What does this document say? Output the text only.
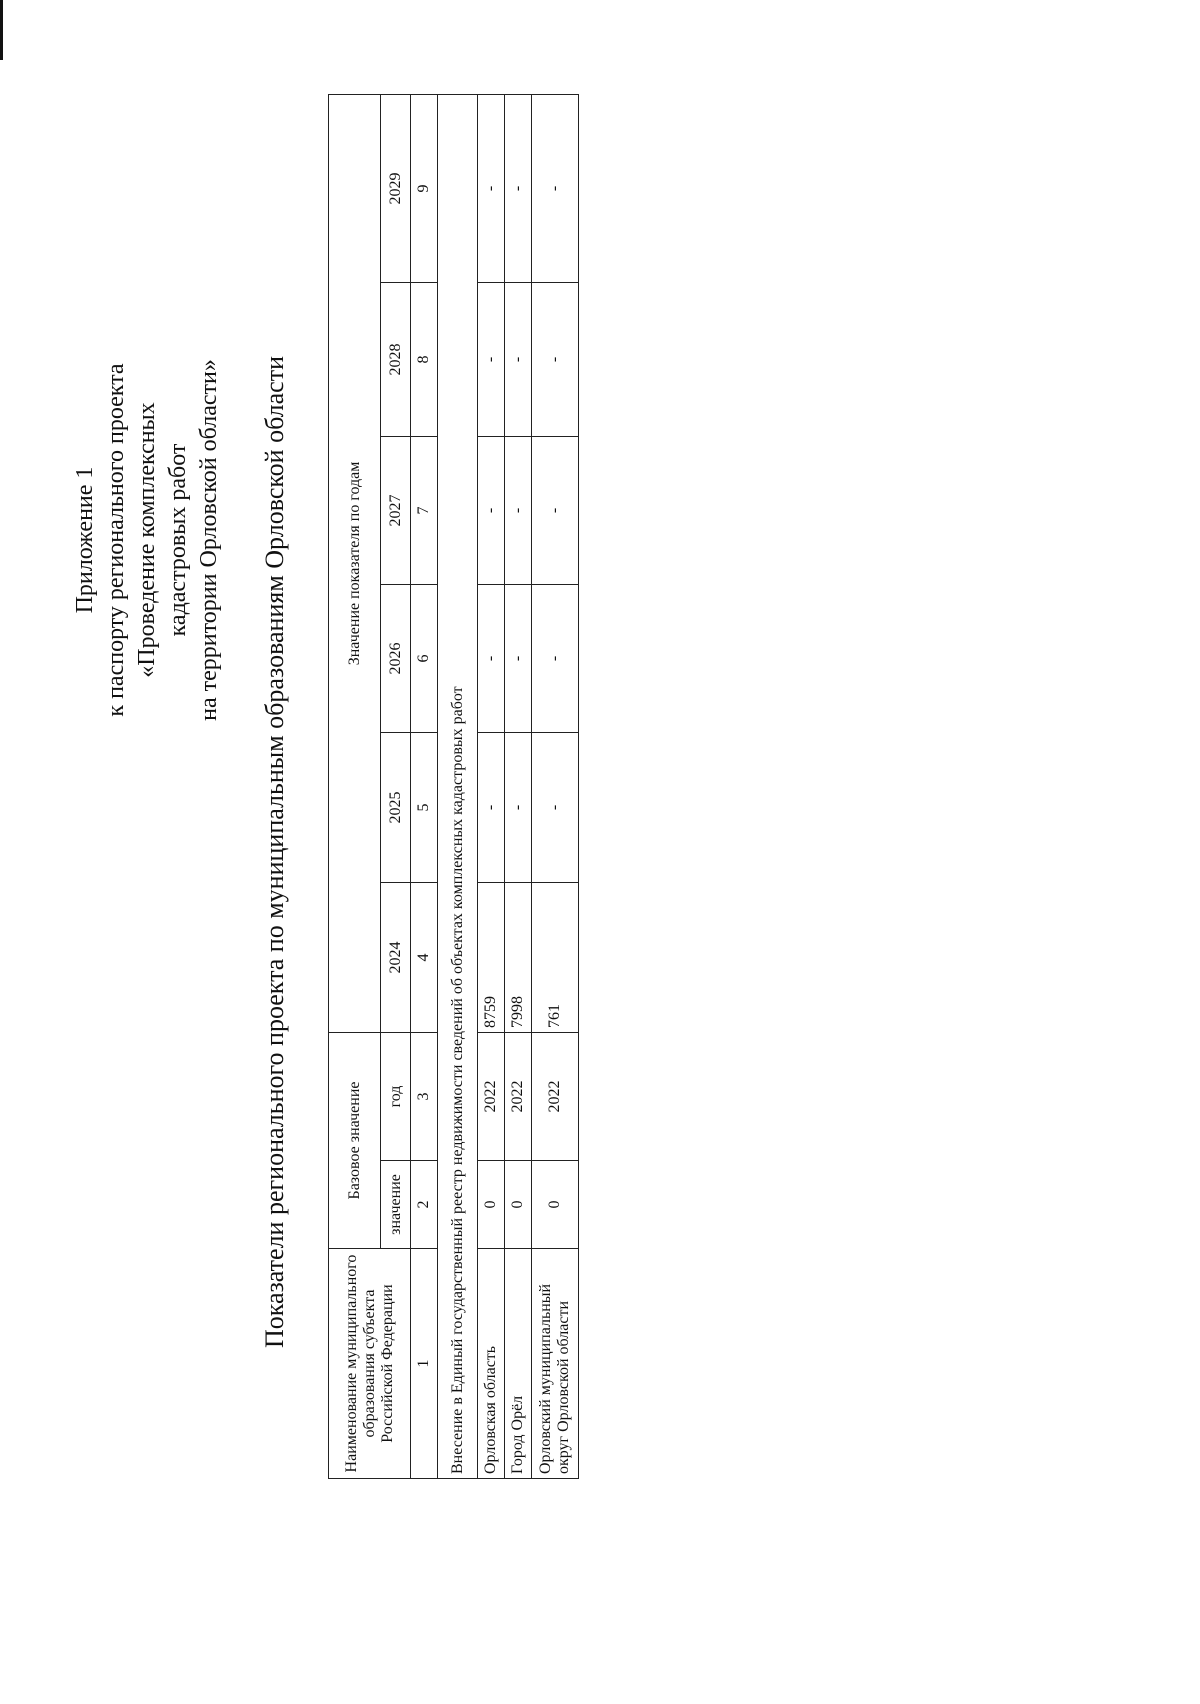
Приложение 1 к паспорту регионального проекта «Проведение комплексных кадастровых работ на территории Орловской области» Показатели регионального проекта по муниципальным образованиям Орловской области
Наименование муниципального образования субъекта Российской Федерации	Базовое значение		Значение показателя по годам					
	значение	год	2024	2025	2026	2027	2028	2029
1	2	3	4	5	6	7	8	9
Внесение в Единый государственный реестр недвижимости сведений об объектах комплексных кадастровых работ								
Орловская область	0	2022	8759	-	-	-	-	-
Город Орёл	0	2022	7998	-	-	-	-	-
Орловский муниципальный округ Орловской области	0	2022	761	-	-	-	-	-
